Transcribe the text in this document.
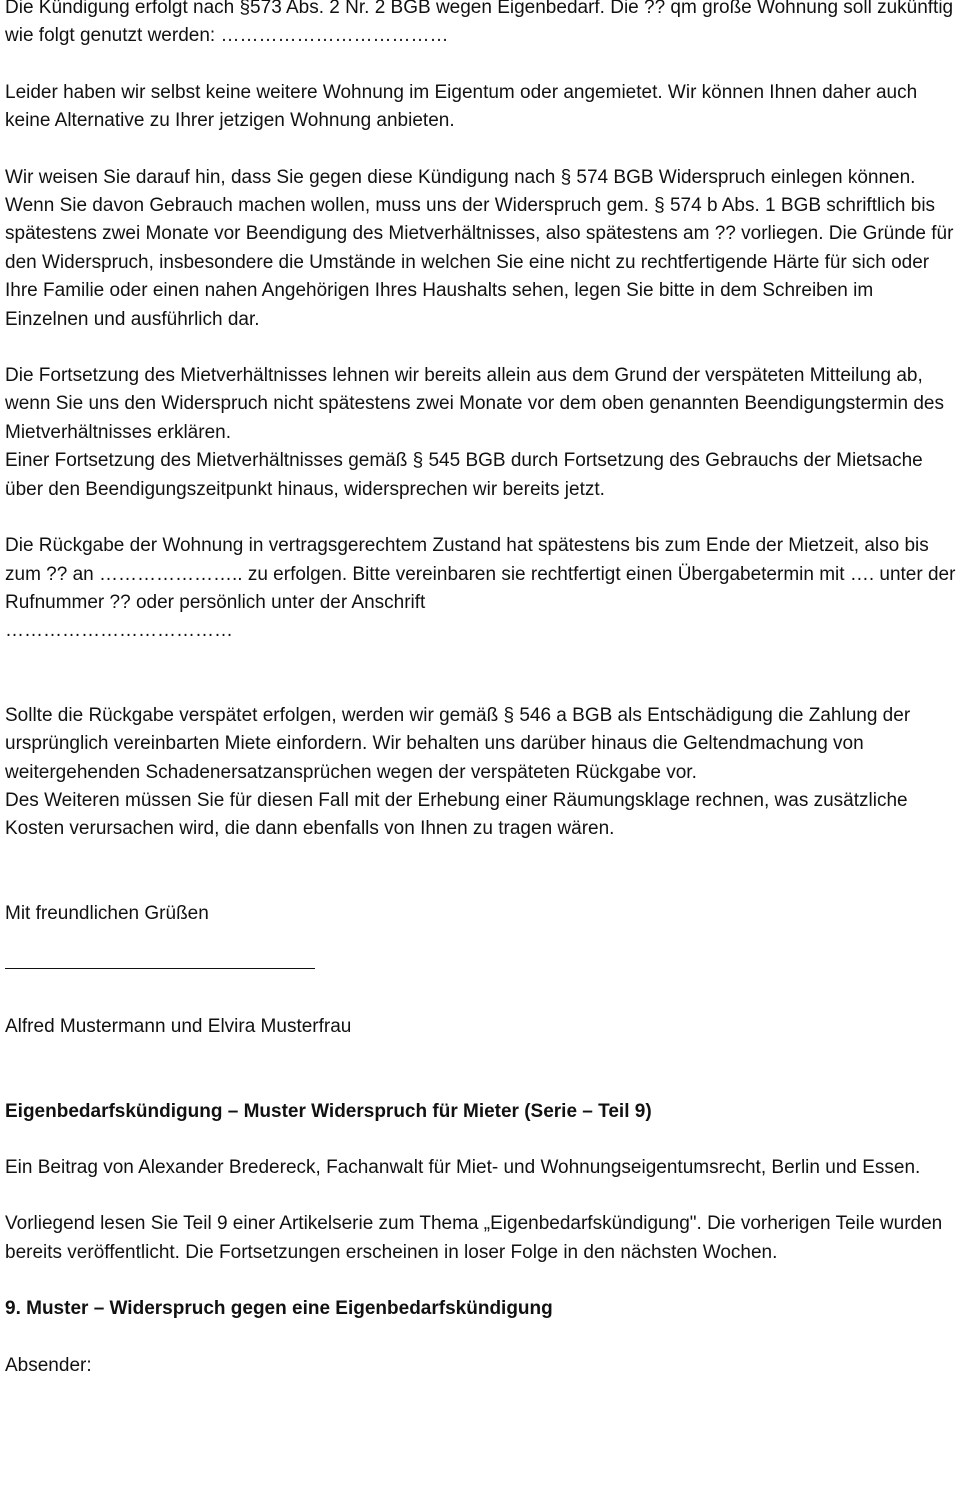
Die Kündigung erfolgt nach §573 Abs. 2 Nr. 2 BGB wegen Eigenbedarf. Die ?? qm große Wohnung soll zukünftig wie folgt genutzt werden: ………………………………

Leider haben wir selbst keine weitere Wohnung im Eigentum oder angemietet. Wir können Ihnen daher auch keine Alternative zu Ihrer jetzigen Wohnung anbieten.

Wir weisen Sie darauf hin, dass Sie gegen diese Kündigung nach § 574 BGB Widerspruch einlegen können. Wenn Sie davon Gebrauch machen wollen, muss uns der Widerspruch gem. § 574 b Abs. 1 BGB schriftlich bis spätestens zwei Monate vor Beendigung des Mietverhältnisses, also spätestens am ?? vorliegen. Die Gründe für den Widerspruch, insbesondere die Umstände in welchen Sie eine nicht zu rechtfertigende Härte für sich oder Ihre Familie oder einen nahen Angehörigen Ihres Haushalts sehen, legen Sie bitte in dem Schreiben im Einzelnen und ausführlich dar.

Die Fortsetzung des Mietverhältnisses lehnen wir bereits allein aus dem Grund der verspäteten Mitteilung ab, wenn Sie uns den Widerspruch nicht spätestens zwei Monate vor dem oben genannten Beendigungstermin des Mietverhältnisses erklären.

Einer Fortsetzung des Mietverhältnisses gemäß § 545 BGB durch Fortsetzung des Gebrauchs der Mietsache über den Beendigungszeitpunkt hinaus, widersprechen wir bereits jetzt.

Die Rückgabe der Wohnung in vertragsgerechtem Zustand hat spätestens bis zum Ende der Mietzeit, also bis zum ?? an ………………….. zu erfolgen. Bitte vereinbaren sie rechtfertigt einen Übergabetermin mit …. unter der Rufnummer ?? oder persönlich unter der Anschrift

………………………………

Sollte die Rückgabe verspätet erfolgen, werden wir gemäß § 546 a BGB als Entschädigung die Zahlung der ursprünglich vereinbarten Miete einfordern. Wir behalten uns darüber hinaus die Geltendmachung von weitergehenden Schadenersatzansprüchen wegen der verspäteten Rückgabe vor.

Des Weiteren müssen Sie für diesen Fall mit der Erhebung einer Räumungsklage rechnen, was zusätzliche Kosten verursachen wird, die dann ebenfalls von Ihnen zu tragen wären.

Mit freundlichen Grüßen

Alfred Mustermann und Elvira Musterfrau

Eigenbedarfskündigung – Muster Widerspruch für Mieter (Serie – Teil 9)

Ein Beitrag von Alexander Bredereck, Fachanwalt für Miet- und Wohnungseigentumsrecht, Berlin und Essen.

Vorliegend lesen Sie Teil 9 einer Artikelserie zum Thema „Eigenbedarfskündigung". Die vorherigen Teile wurden bereits veröffentlicht. Die Fortsetzungen erscheinen in loser Folge in den nächsten Wochen.

9. Muster – Widerspruch gegen eine Eigenbedarfskündigung

Absender:
